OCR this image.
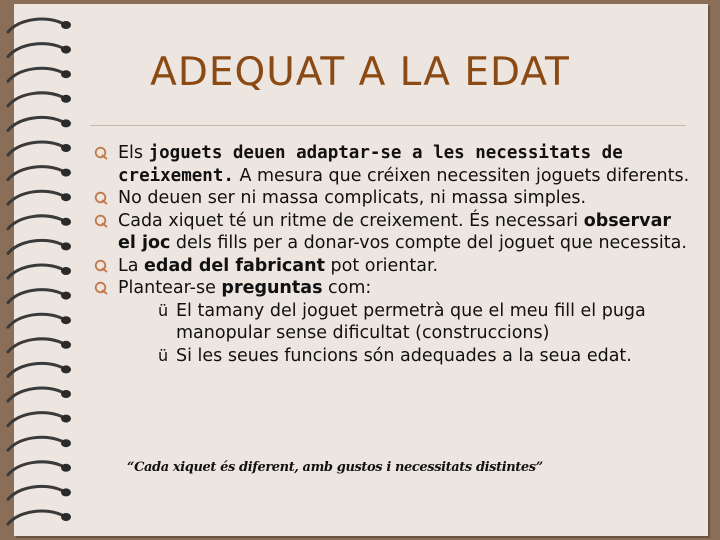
ADEQUAT A LA EDAT
Els joguets deuen adaptar-se a les necessitats de creixement. A mesura que créixen necessiten joguets diferents.
No deuen ser ni massa complicats, ni massa simples.
Cada xiquet té un ritme de creixement. És necessari observar el joc dels fills per a donar-vos compte del joguet que necessita.
La edad del fabricant pot orientar.
Plantear-se preguntas com:
ü El tamany del joguet permetrà que el meu fill el puga manopular sense dificultat (construccions)
ü Si les seues funcions són adequades a la seua edat.
“Cada xiquet és diferent, amb gustos i necessitats distintes”
